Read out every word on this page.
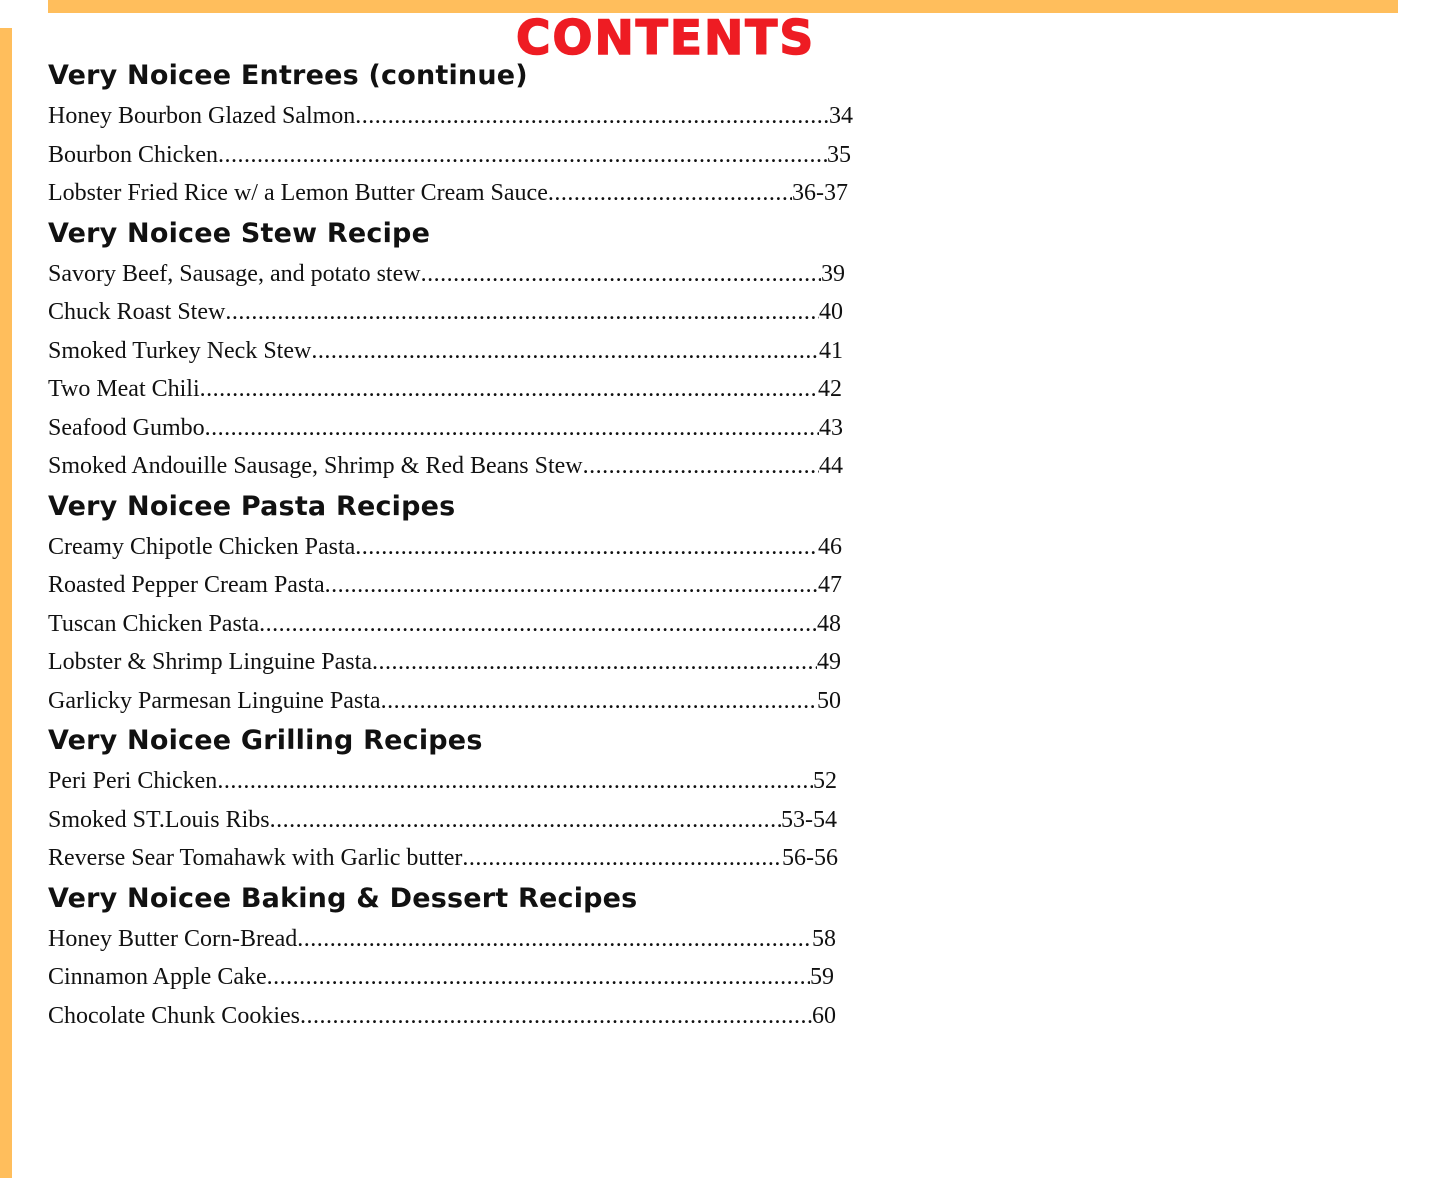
CONTENTS
Very Noicee Entrees (continue)
Honey Bourbon Glazed Salmon .....	34
Bourbon Chicken .....	35
Lobster Fried Rice w/ a Lemon Butter Cream Sauce .....	36-37
Very Noicee Stew Recipe
Savory Beef, Sausage, and potato stew .....	39
Chuck Roast Stew .....	40
Smoked Turkey Neck Stew .....	41
Two Meat Chili .....	42
Seafood Gumbo .....	43
Smoked Andouille Sausage, Shrimp & Red Beans Stew .....	44
Very Noicee Pasta Recipes
Creamy Chipotle Chicken Pasta .....	46
Roasted Pepper Cream Pasta .....	47
Tuscan Chicken Pasta .....	48
Lobster & Shrimp Linguine Pasta .....	49
Garlicky Parmesan Linguine Pasta .....	50
Very Noicee Grilling Recipes
Peri Peri Chicken .....	52
Smoked ST.Louis Ribs .....	53-54
Reverse Sear Tomahawk with Garlic butter .....	56-56
Very Noicee Baking & Dessert Recipes
Honey Butter Corn-Bread .....	58
Cinnamon Apple Cake .....	59
Chocolate Chunk Cookies .....	60
